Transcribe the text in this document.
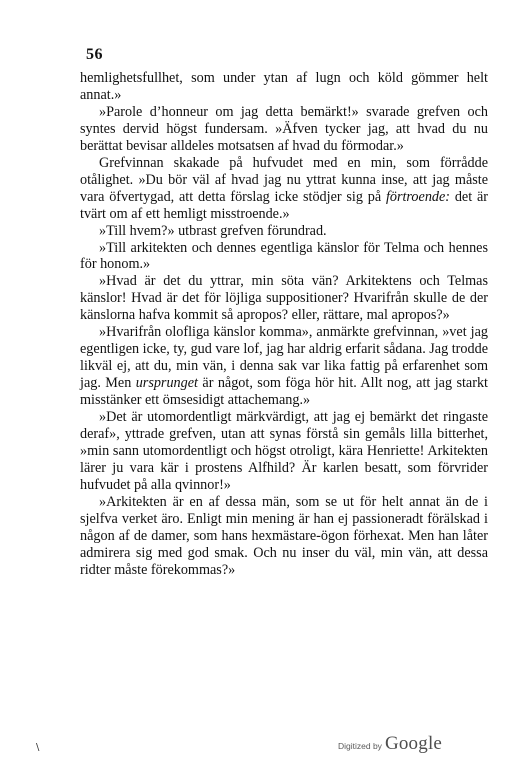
56

hemlighetsfullhet, som under ytan af lugn och köld gömmer helt annat.»

»Parole d’honneur om jag detta bemärkt!» svarade grefven och syntes dervid högst fundersam. »Äfven tycker jag, att hvad du nu berättat bevisar alldeles motsatsen af hvad du förmodar.»

Grefvinnan skakade på hufvudet med en min, som förrådde otålighet. »Du bör väl af hvad jag nu yttrat kunna inse, att jag måste vara öfvertygad, att detta förslag icke stödjer sig på förtroende: det är tvärt om af ett hemligt misstroende.»

»Till hvem?» utbrast grefven förundrad.

»Till arkitekten och dennes egentliga känslor för Telma och hennes för honom.»

»Hvad är det du yttrar, min söta vän? Arkitektens och Telmas känslor! Hvad är det för löjliga suppositioner? Hvarifrån skulle de der känslorna hafva kommit så apropos? eller, rättare, mal apropos?»

»Hvarifrån olofliga känslor komma», anmärkte grefvinnan, »vet jag egentligen icke, ty, gud vare lof, jag har aldrig erfarit sådana. Jag trodde likväl ej, att du, min vän, i denna sak var lika fattig på erfarenhet som jag. Men ursprunget är något, som föga hör hit. Allt nog, att jag starkt misstänker ett ömsesidigt attachemang.»

»Det är utomordentligt märkvärdigt, att jag ej bemärkt det ringaste deraf», yttrade grefven, utan att synas förstå sin gemåls lilla bitterhet, »min sann utomordentligt och högst otroligt, kära Henriette! Arkitekten lärer ju vara kär i prostens Alfhild? Är karlen besatt, som förvrider hufvudet på alla qvinnor!»

»Arkitekten är en af dessa män, som se ut för helt annat än de i sjelfva verket äro. Enligt min mening är han ej passioneradt förälskad i någon af de damer, som hans hexmästare-ögon förhexat. Men han låter admirera sig med god smak. Och nu inser du väl, min vän, att dessa ridter måste förekommas?»

\	Digitized by Google
